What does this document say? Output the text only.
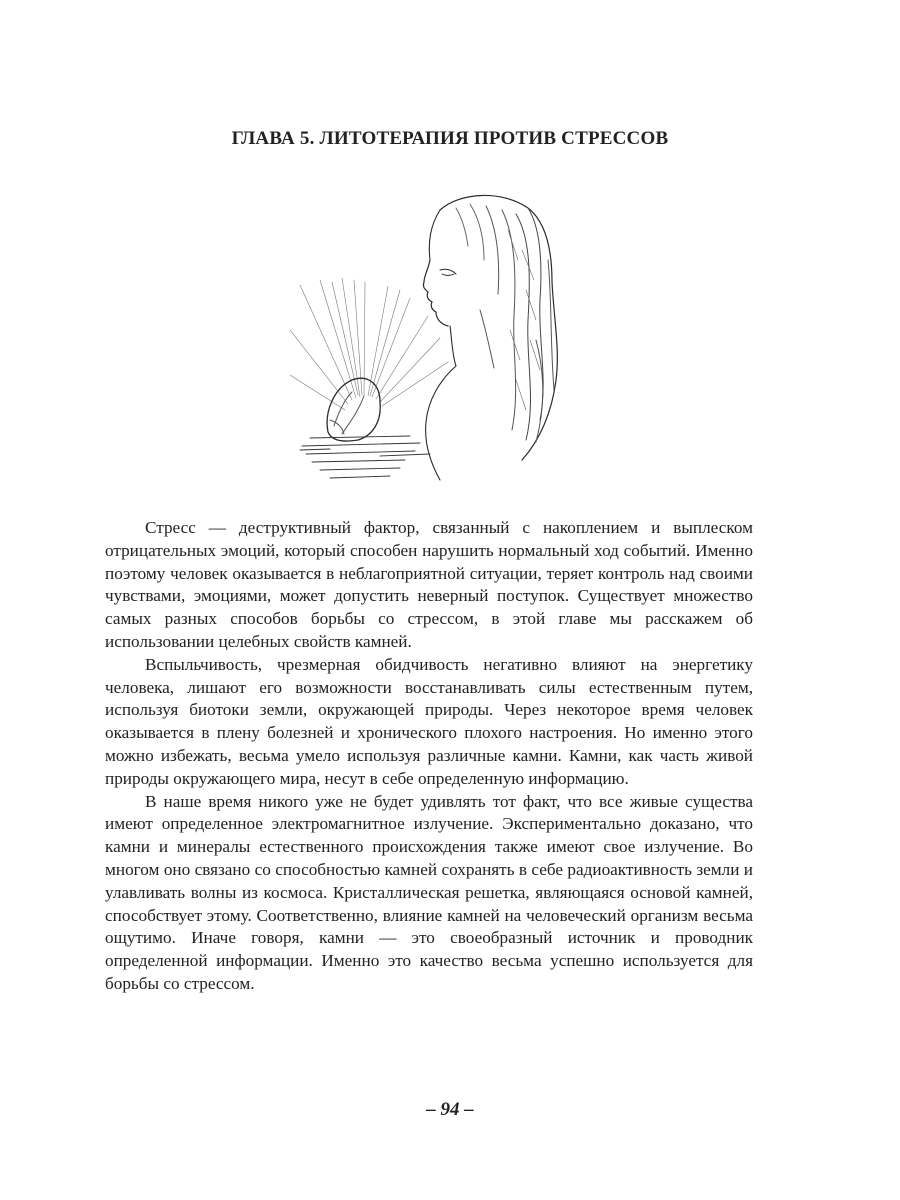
ГЛАВА 5. ЛИТОТЕРАПИЯ ПРОТИВ СТРЕССОВ

Стресс — деструктивный фактор, связанный с накоплением и выплеском отрицательных эмоций, который способен нарушить нормальный ход событий. Именно поэтому человек оказывается в неблагоприятной ситуации, теряет контроль над своими чувствами, эмоциями, может допустить неверный поступок. Существует множество самых разных способов борьбы со стрессом, в этой главе мы расскажем об использовании целебных свойств камней.

Вспыльчивость, чрезмерная обидчивость негативно влияют на энергетику человека, лишают его возможности восстанавливать силы естественным путем, используя биотоки земли, окружающей природы. Через некоторое время человек оказывается в плену болезней и хронического плохого настроения. Но именно этого можно избежать, весьма умело используя различные камни. Камни, как часть живой природы окружающего мира, несут в себе определенную информацию.

В наше время никого уже не будет удивлять тот факт, что все живые существа имеют определенное электромагнитное излучение. Экспериментально доказано, что камни и минералы естественного происхождения также имеют свое излучение. Во многом оно связано со способностью камней сохранять в себе радиоактивность земли и улавливать волны из космоса. Кристаллическая решетка, являющаяся основой камней, способствует этому. Соответственно, влияние камней на человеческий организм весьма ощутимо. Иначе говоря, камни — это своеобразный источник и проводник определенной информации. Именно это качество весьма успешно используется для борьбы со стрессом.

– 94 –
